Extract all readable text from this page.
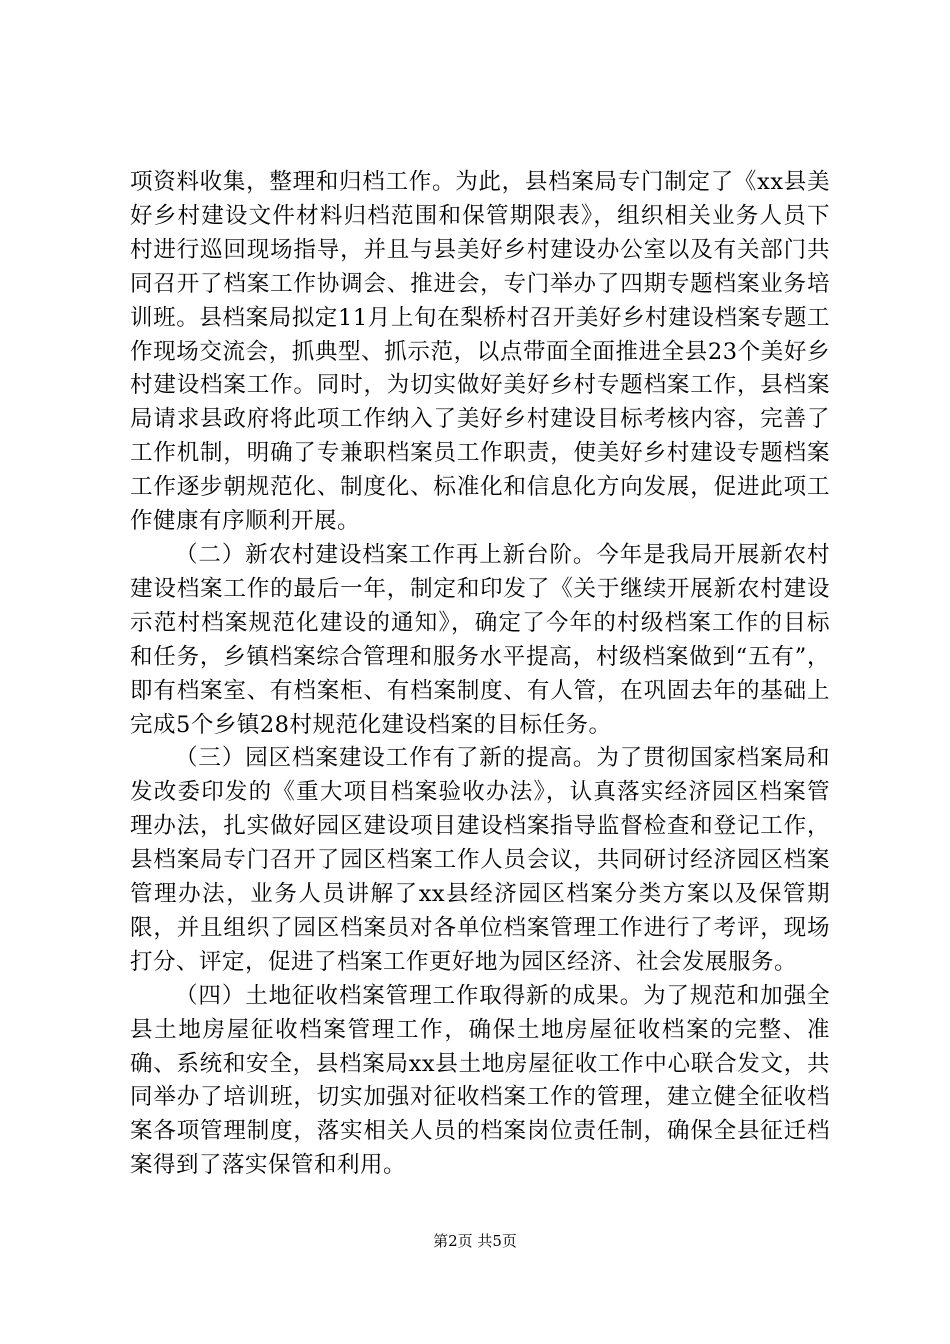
项资料收集，整理和归档工作。为此，县档案局专门制定了《xx县美好乡村建设文件材料归档范围和保管期限表》，组织相关业务人员下村进行巡回现场指导，并且与县美好乡村建设办公室以及有关部门共同召开了档案工作协调会、推进会，专门举办了四期专题档案业务培训班。县档案局拟定11月上旬在梨桥村召开美好乡村建设档案专题工作现场交流会，抓典型、抓示范，以点带面全面推进全县23个美好乡村建设档案工作。同时，为切实做好美好乡村专题档案工作，县档案局请求县政府将此项工作纳入了美好乡村建设目标考核内容，完善了工作机制，明确了专兼职档案员工作职责，使美好乡村建设专题档案工作逐步朝规范化、制度化、标准化和信息化方向发展，促进此项工作健康有序顺利开展。

（二）新农村建设档案工作再上新台阶。今年是我局开展新农村建设档案工作的最后一年，制定和印发了《关于继续开展新农村建设示范村档案规范化建设的通知》，确定了今年的村级档案工作的目标和任务，乡镇档案综合管理和服务水平提高，村级档案做到“五有”，即有档案室、有档案柜、有档案制度、有人管，在巩固去年的基础上完成5个乡镇28村规范化建设档案的目标任务。

（三）园区档案建设工作有了新的提高。为了贯彻国家档案局和发改委印发的《重大项目档案验收办法》，认真落实经济园区档案管理办法，扎实做好园区建设项目建设档案指导监督检查和登记工作，县档案局专门召开了园区档案工作人员会议，共同研讨经济园区档案管理办法，业务人员讲解了xx县经济园区档案分类方案以及保管期限，并且组织了园区档案员对各单位档案管理工作进行了考评，现场打分、评定，促进了档案工作更好地为园区经济、社会发展服务。

（四）土地征收档案管理工作取得新的成果。为了规范和加强全县土地房屋征收档案管理工作，确保土地房屋征收档案的完整、准确、系统和安全，县档案局xx县土地房屋征收工作中心联合发文，共同举办了培训班，切实加强对征收档案工作的管理，建立健全征收档案各项管理制度，落实相关人员的档案岗位责任制，确保全县征迁档案得到了落实保管和利用。

第2页 共5页
